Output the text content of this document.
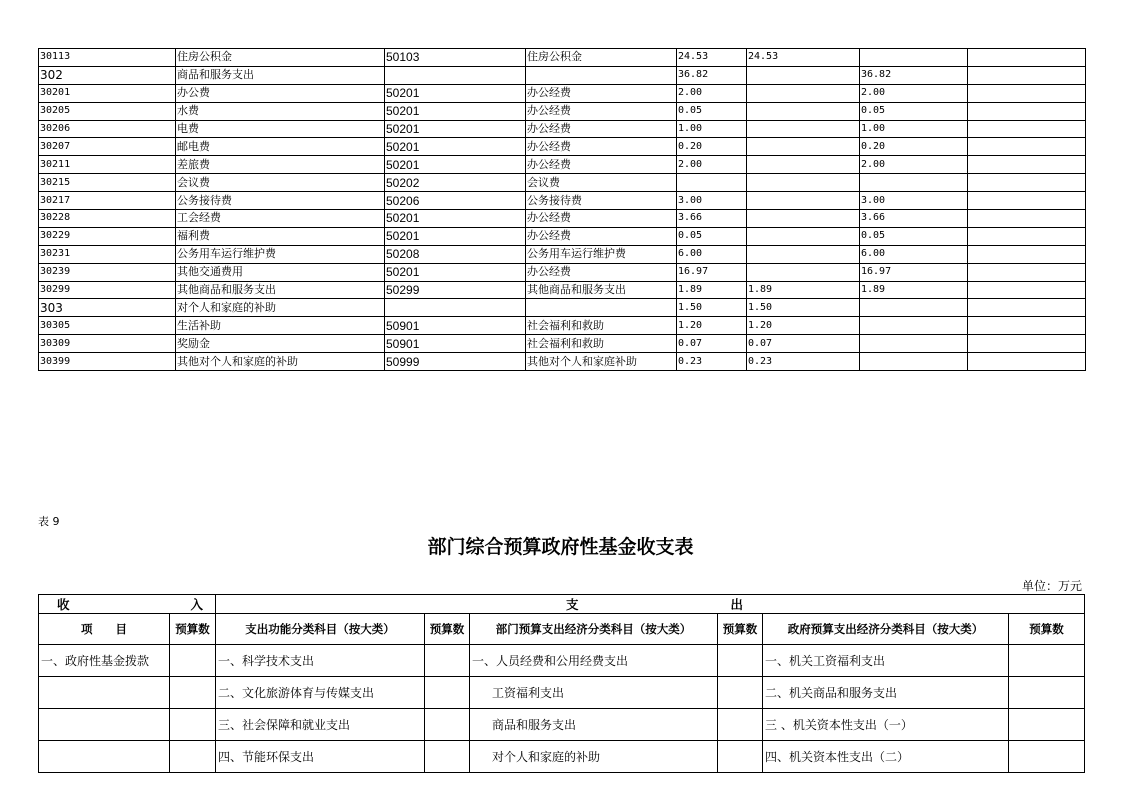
30113	住房公积金	50103	住房公积金	24.53	24.53		
302	商品和服务支出			36.82		36.82	
30201	办公费	50201	办公经费	2.00		2.00	
30205	水费	50201	办公经费	0.05		0.05	
30206	电费	50201	办公经费	1.00		1.00	
30207	邮电费	50201	办公经费	0.20		0.20	
30211	差旅费	50201	办公经费	2.00		2.00	
30215	会议费	50202	会议费				
30217	公务接待费	50206	公务接待费	3.00		3.00	
30228	工会经费	50201	办公经费	3.66		3.66	
30229	福利费	50201	办公经费	0.05		0.05	
30231	公务用车运行维护费	50208	公务用车运行维护费	6.00		6.00	
30239	其他交通费用	50201	办公经费	16.97		16.97	
30299	其他商品和服务支出	50299	其他商品和服务支出	1.89	1.89	1.89	
303	对个人和家庭的补助			1.50	1.50		
30305	生活补助	50901	社会福利和救助	1.20	1.20		
30309	奖励金	50901	社会福利和救助	0.07	0.07		
30399	其他对个人和家庭的补助	50999	其他对个人和家庭补助	0.23	0.23		
表 9
部门综合预算政府性基金收支表
单位：万元
收 入		支 出					

项　　目	预算数	支出功能分类科目（按大类）	预算数	部门预算支出经济分类科目（按大类）	预算数	政府预算支出经济分类科目（按大类）	预算数
一、政府性基金拨款		一、科学技术支出		一、人员经费和公用经费支出		一、机关工资福利支出	
		二、文化旅游体育与传媒支出		工资福利支出		二、机关商品和服务支出	
		三、社会保障和就业支出		商品和服务支出		三 、机关资本性支出（一）	
		四、节能环保支出		对个人和家庭的补助		四、机关资本性支出（二）	
